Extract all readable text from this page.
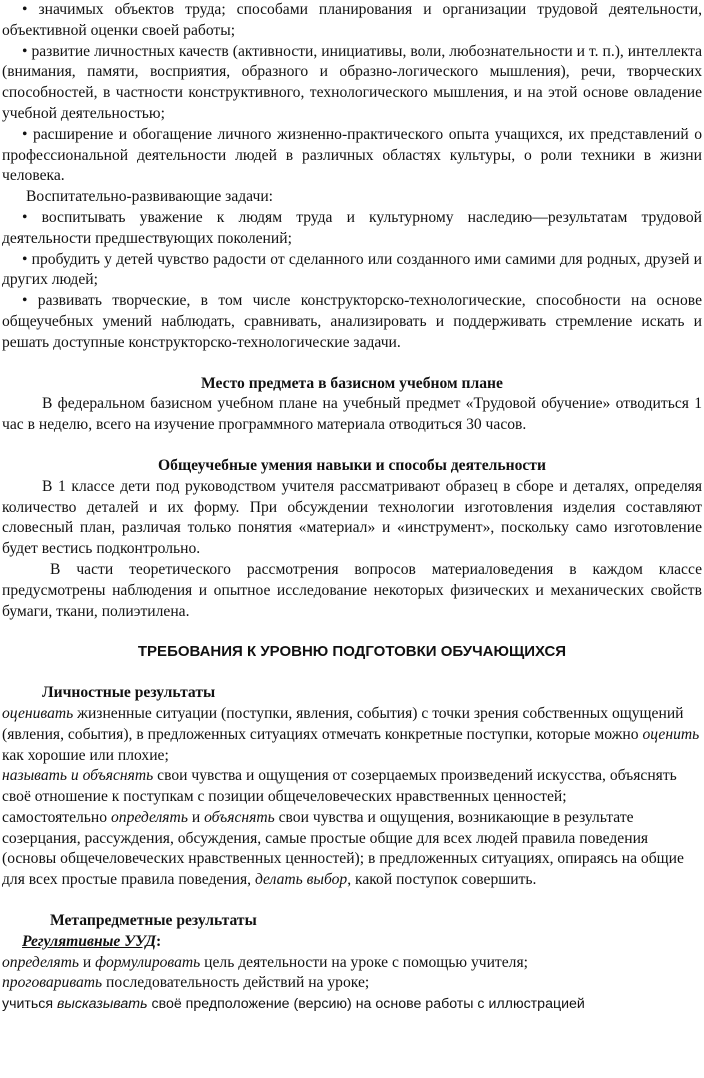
• значимых объектов труда; способами планирования и организации трудовой деятельности, объективной оценки своей работы;

• развитие личностных качеств (активности, инициативы, воли, любознательности и т. п.), интеллекта (внимания, памяти, восприятия, образного и образно-логического мышления), речи, творческих способностей, в частности конструктивного, технологического мышления, и на этой основе овладение учебной деятельностью;

• расширение и обогащение личного жизненно-практического опыта учащихся, их представлений о профессиональной деятельности людей в различных областях культуры, о роли техники в жизни человека.

Воспитательно-развивающие задачи:

• воспитывать уважение к людям труда и культурному наследию—результатам трудовой деятельности предшествующих поколений;

• пробудить у детей чувство радости от сделанного или созданного ими самими для родных, друзей и других людей;

• развивать творческие, в том числе конструкторско-технологические, способности на основе общеучебных умений наблюдать, сравнивать, анализировать и поддерживать стремление искать и решать доступные конструкторско-технологические задачи.

Место предмета в базисном учебном плане

В федеральном базисном учебном плане на учебный предмет «Трудовой обучение» отводиться 1 час в неделю, всего на изучение программного материала отводиться 30 часов.

Общеучебные умения навыки и способы деятельности

В 1 классе дети под руководством учителя рассматривают образец в сборе и деталях, определяя количество деталей и их форму. При обсуждении технологии изготовления изделия составляют словесный план, различая только понятия «материал» и «инструмент», поскольку само изготовление будет вестись подконтрольно.

В части теоретического рассмотрения вопросов материаловедения в каждом классе предусмотрены наблюдения и опытное исследование некоторых физических и механических свойств бумаги, ткани, полиэтилена.

ТРЕБОВАНИЯ К УРОВНЮ ПОДГОТОВКИ ОБУЧАЮЩИХСЯ

Личностные результаты

оценивать жизненные ситуации (поступки, явления, события) с точки зрения собственных ощущений (явления, события), в предложенных ситуациях отмечать конкретные поступки, которые можно оценить как хорошие или плохие;

называть и объяснять свои чувства и ощущения от созерцаемых произведений искусства, объяснять своё отношение к поступкам с позиции общечеловеческих нравственных ценностей;

самостоятельно определять и объяснять свои чувства и ощущения, возникающие в результате созерцания, рассуждения, обсуждения, самые простые общие для всех людей правила поведения (основы общечеловеческих нравственных ценностей); в предложенных ситуациях, опираясь на общие для всех простые правила поведения, делать выбор, какой поступок совершить.

Метапредметные результаты

Регулятивные УУД:

определять и формулировать цель деятельности на уроке с помощью учителя;

проговаривать последовательность действий на уроке;

учиться высказывать своё предположение (версию) на основе работы с иллюстрацией
